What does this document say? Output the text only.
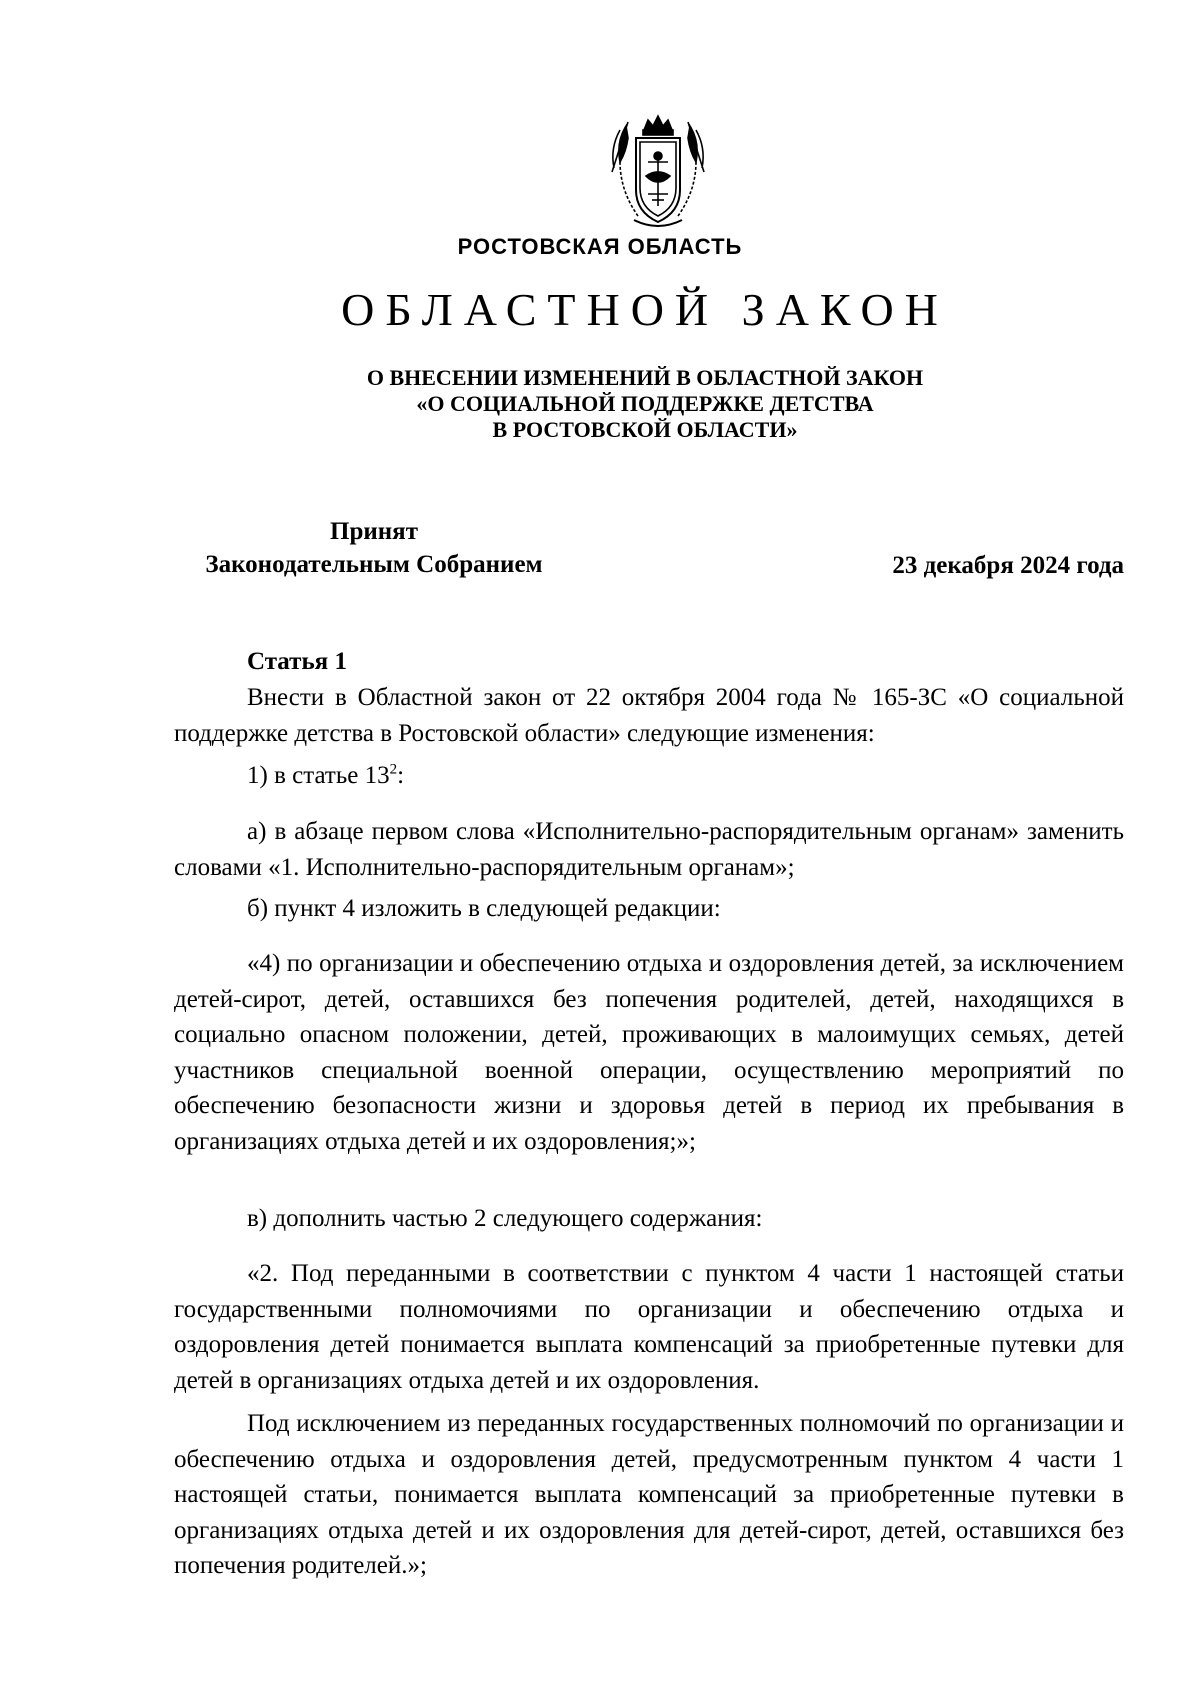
РОСТОВСКАЯ ОБЛАСТЬ
ОБЛАСТНОЙ ЗАКОН
О ВНЕСЕНИИ ИЗМЕНЕНИЙ В ОБЛАСТНОЙ ЗАКОН
«О СОЦИАЛЬНОЙ ПОДДЕРЖКЕ ДЕТСТВА
В РОСТОВСКОЙ ОБЛАСТИ»
Принят
Законодательным Собранием	23 декабря 2024 года
Статья 1
Внести в Областной закон от 22 октября 2004 года № 165-ЗС «О социальной поддержке детства в Ростовской области» следующие изменения:
1) в статье $13^2$:
а) в абзаце первом слова «Исполнительно-распорядительным органам» заменить словами «1. Исполнительно-распорядительным органам»;
б) пункт 4 изложить в следующей редакции:
«4) по организации и обеспечению отдыха и оздоровления детей, за исключением детей-сирот, детей, оставшихся без попечения родителей, детей, находящихся в социально опасном положении, детей, проживающих в малоимущих семьях, детей участников специальной военной операции, осуществлению мероприятий по обеспечению безопасности жизни и здоровья детей в период их пребывания в организациях отдыха детей и их оздоровления;»;
в) дополнить частью 2 следующего содержания:
«2. Под переданными в соответствии с пунктом 4 части 1 настоящей статьи государственными полномочиями по организации и обеспечению отдыха и оздоровления детей понимается выплата компенсаций за приобретенные путевки для детей в организациях отдыха детей и их оздоровления.
Под исключением из переданных государственных полномочий по организации и обеспечению отдыха и оздоровления детей, предусмотренным пунктом 4 части 1 настоящей статьи, понимается выплата компенсаций за приобретенные путевки в организациях отдыха детей и их оздоровления для детей-сирот, детей, оставшихся без попечения родителей.»;
